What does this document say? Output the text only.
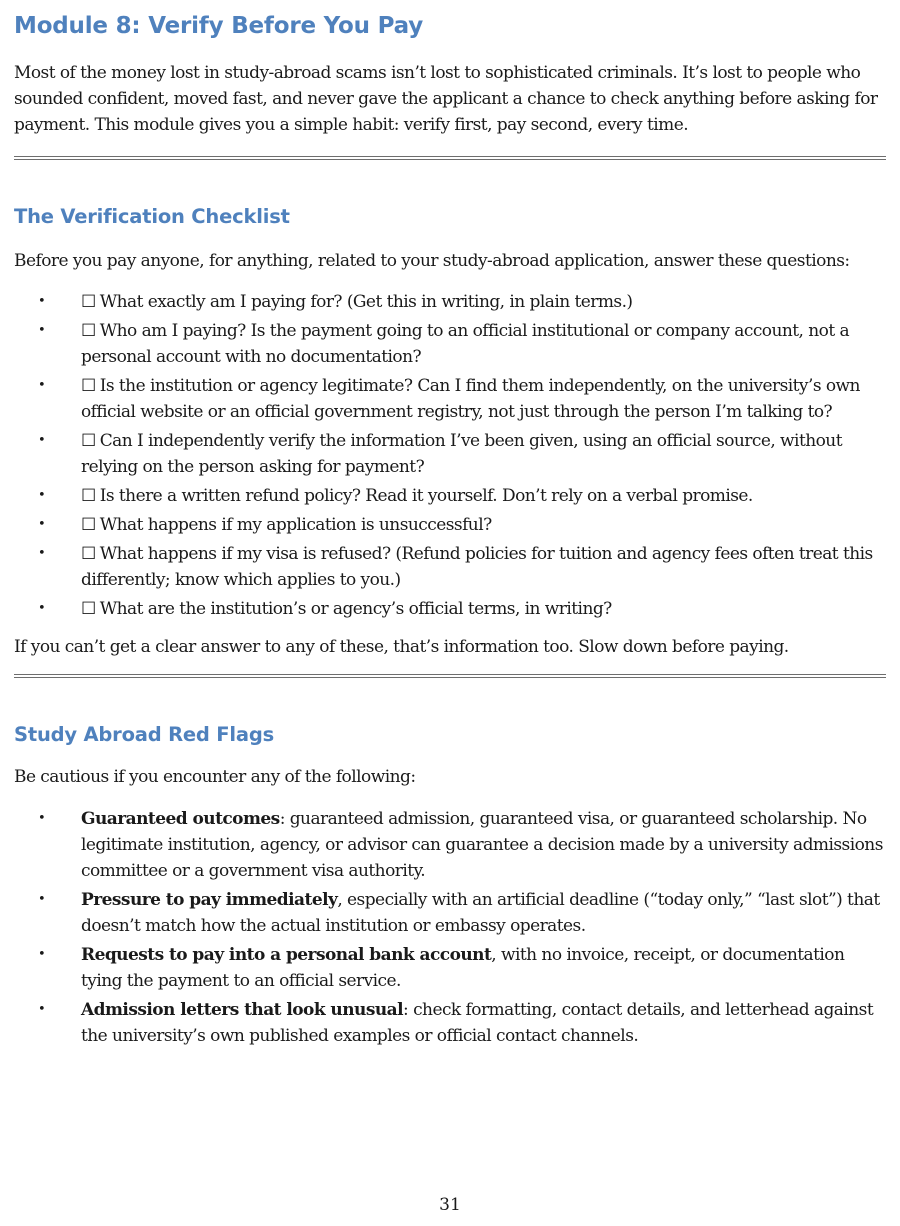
Module 8: Verify Before You Pay

Most of the money lost in study-abroad scams isn’t lost to sophisticated criminals. It’s lost to people who sounded confident, moved fast, and never gave the applicant a chance to check anything before asking for payment. This module gives you a simple habit: verify first, pay second, every time.

The Verification Checklist

Before you pay anyone, for anything, related to your study-abroad application, answer these questions:

• ☐ What exactly am I paying for? (Get this in writing, in plain terms.)
• ☐ Who am I paying? Is the payment going to an official institutional or company account, not a personal account with no documentation?
• ☐ Is the institution or agency legitimate? Can I find them independently, on the university’s own official website or an official government registry, not just through the person I’m talking to?
• ☐ Can I independently verify the information I’ve been given, using an official source, without relying on the person asking for payment?
• ☐ Is there a written refund policy? Read it yourself. Don’t rely on a verbal promise.
• ☐ What happens if my application is unsuccessful?
• ☐ What happens if my visa is refused? (Refund policies for tuition and agency fees often treat this differently; know which applies to you.)
• ☐ What are the institution’s or agency’s official terms, in writing?

If you can’t get a clear answer to any of these, that’s information too. Slow down before paying.

Study Abroad Red Flags

Be cautious if you encounter any of the following:

• Guaranteed outcomes: guaranteed admission, guaranteed visa, or guaranteed scholarship. No legitimate institution, agency, or advisor can guarantee a decision made by a university admissions committee or a government visa authority.
• Pressure to pay immediately, especially with an artificial deadline (“today only,” “last slot”) that doesn’t match how the actual institution or embassy operates.
• Requests to pay into a personal bank account, with no invoice, receipt, or documentation tying the payment to an official service.
• Admission letters that look unusual: check formatting, contact details, and letterhead against the university’s own published examples or official contact channels.
31
